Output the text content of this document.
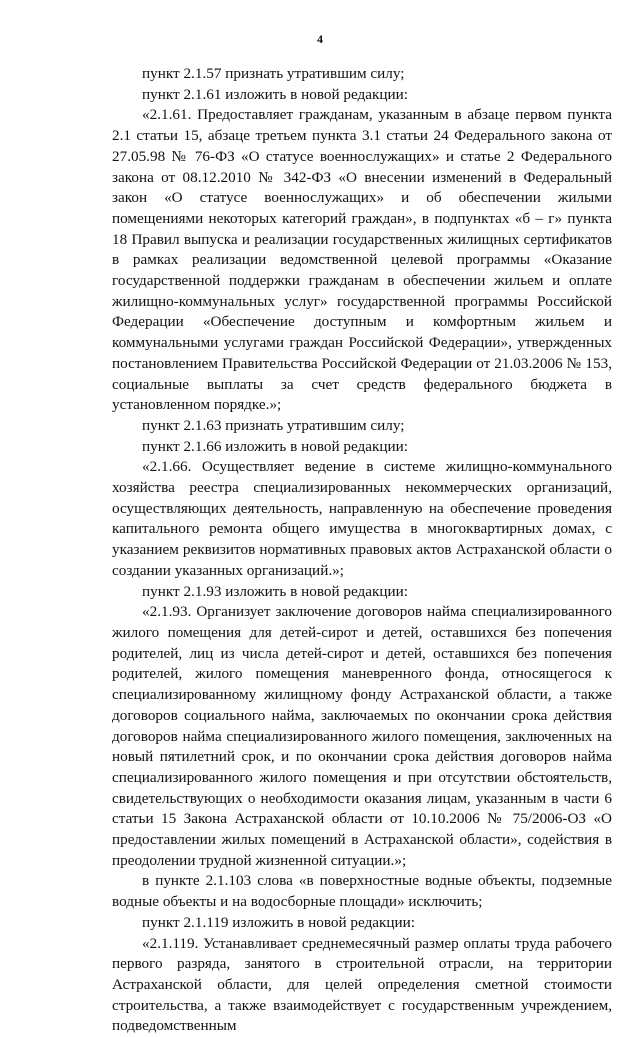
4

пункт 2.1.57 признать утратившим силу;

пункт 2.1.61 изложить в новой редакции:

«2.1.61. Предоставляет гражданам, указанным в абзаце первом пункта 2.1 статьи 15, абзаце третьем пункта 3.1 статьи 24 Федерального закона от 27.05.98 № 76-ФЗ «О статусе военнослужащих» и статье 2 Федерального закона от 08.12.2010 № 342-ФЗ «О внесении изменений в Федеральный закон «О статусе военнослужащих» и об обеспечении жилыми помещениями некоторых категорий граждан», в подпунктах «б – г» пункта 18 Правил выпуска и реализации государственных жилищных сертификатов в рамках реализации ведомственной целевой программы «Оказание государственной поддержки гражданам в обеспечении жильем и оплате жилищно-коммунальных услуг» государственной программы Российской Федерации «Обеспечение доступным и комфортным жильем и коммунальными услугами граждан Российской Федерации», утвержденных постановлением Правительства Российской Федерации от 21.03.2006 № 153, социальные выплаты за счет средств федерального бюджета в установленном порядке.»;

пункт 2.1.63 признать утратившим силу;

пункт 2.1.66 изложить в новой редакции:

«2.1.66. Осуществляет ведение в системе жилищно-коммунального хозяйства реестра специализированных некоммерческих организаций, осуществляющих деятельность, направленную на обеспечение проведения капитального ремонта общего имущества в многоквартирных домах, с указанием реквизитов нормативных правовых актов Астраханской области о создании указанных организаций.»;

пункт 2.1.93 изложить в новой редакции:

«2.1.93. Организует заключение договоров найма специализированного жилого помещения для детей-сирот и детей, оставшихся без попечения родителей, лиц из числа детей-сирот и детей, оставшихся без попечения родителей, жилого помещения маневренного фонда, относящегося к специализированному жилищному фонду Астраханской области, а также договоров социального найма, заключаемых по окончании срока действия договоров найма специализированного жилого помещения, заключенных на новый пятилетний срок, и по окончании срока действия договоров найма специализированного жилого помещения и при отсутствии обстоятельств, свидетельствующих о необходимости оказания лицам, указанным в части 6 статьи 15 Закона Астраханской области от 10.10.2006 № 75/2006-ОЗ «О предоставлении жилых помещений в Астраханской области», содействия в преодолении трудной жизненной ситуации.»;

в пункте 2.1.103 слова «в поверхностные водные объекты, подземные водные объекты и на водосборные площади» исключить;

пункт 2.1.119 изложить в новой редакции:

«2.1.119. Устанавливает среднемесячный размер оплаты труда рабочего первого разряда, занятого в строительной отрасли, на территории Астраханской области, для целей определения сметной стоимости строительства, а также взаимодействует с государственным учреждением, подведомственным
